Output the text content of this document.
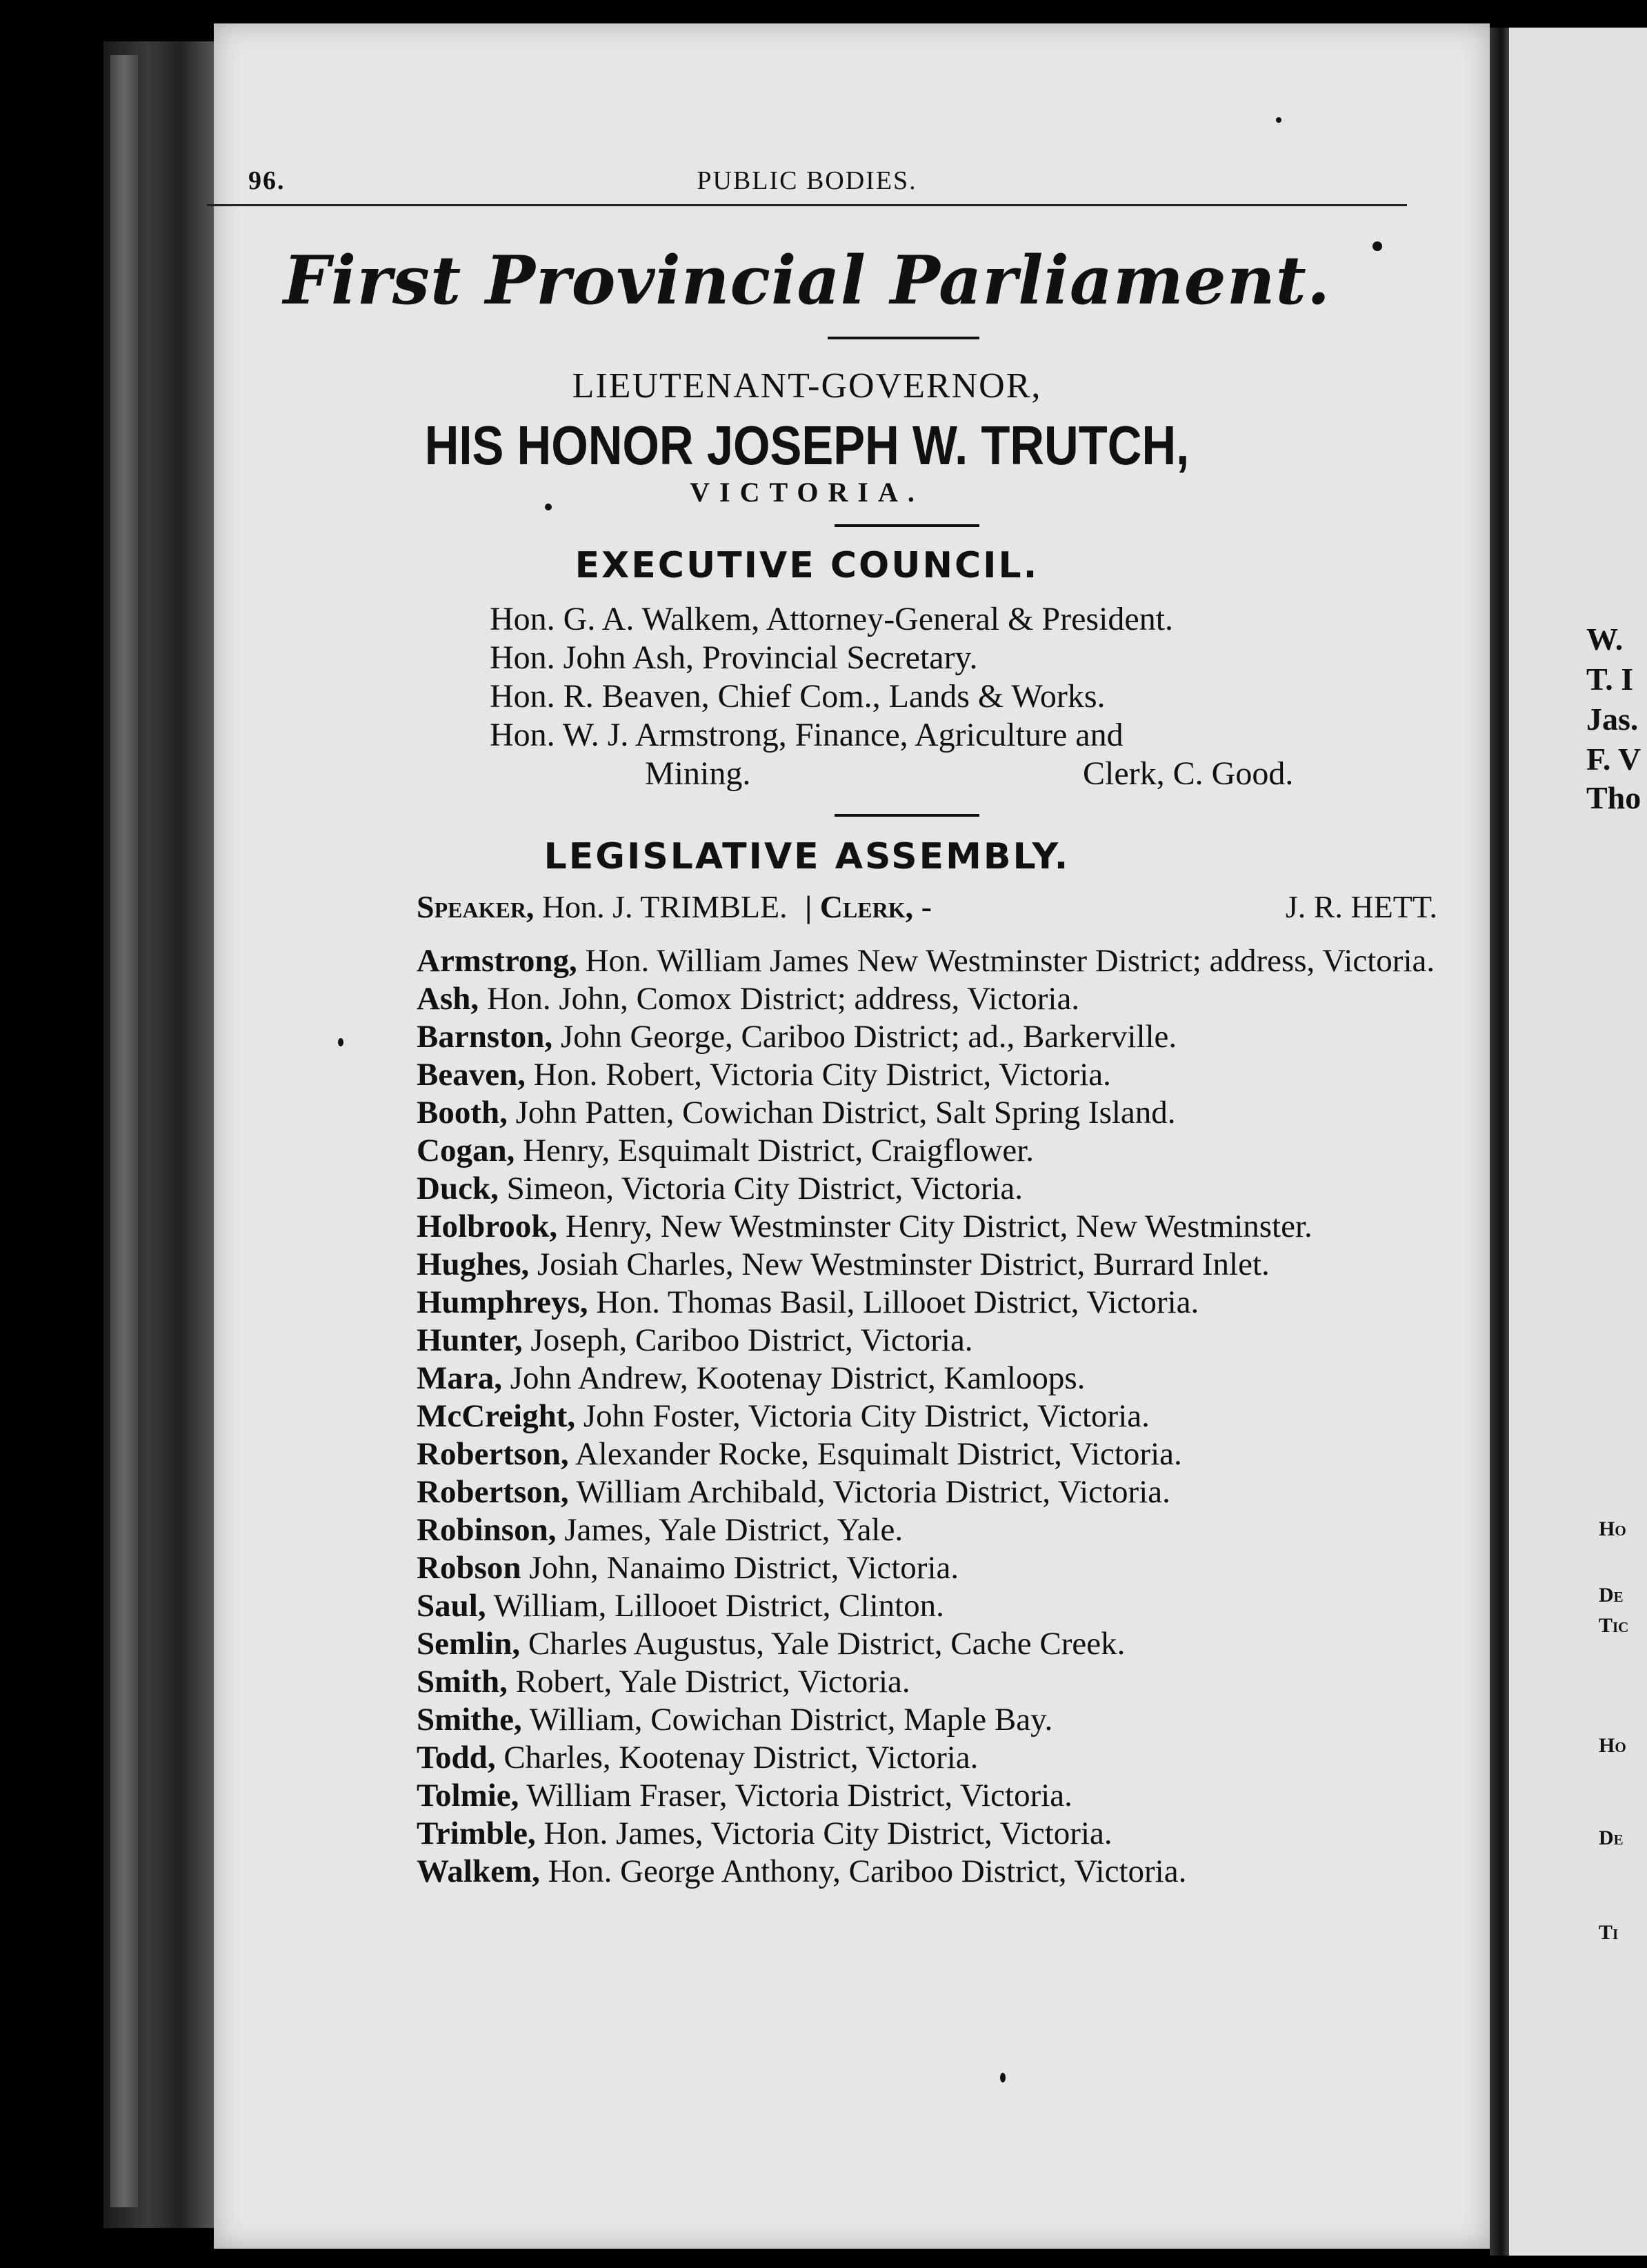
96.	PUBLIC BODIES.
First Provincial Parliament.
LIEUTENANT-GOVERNOR,
HIS HONOR JOSEPH W. TRUTCH,
VICTORIA.
EXECUTIVE COUNCIL.
Hon. G. A. Walkem, Attorney-General & President.
Hon. John Ash, Provincial Secretary.
Hon. R. Beaven, Chief Com., Lands & Works.
Hon. W. J. Armstrong, Finance, Agriculture and
Mining.	Clerk, C. Good.
LEGISLATIVE ASSEMBLY.
Speaker, Hon. J. TRIMBLE. | Clerk, -	J. R. HETT.
Armstrong, Hon. William James New Westminster District; address, Victoria.
Ash, Hon. John, Comox District; address, Victoria.
Barnston, John George, Cariboo District; ad., Barkerville.
Beaven, Hon. Robert, Victoria City District, Victoria.
Booth, John Patten, Cowichan District, Salt Spring Island.
Cogan, Henry, Esquimalt District, Craigflower.
Duck, Simeon, Victoria City District, Victoria.
Holbrook, Henry, New Westminster City District, New Westminster.
Hughes, Josiah Charles, New Westminster District, Burrard Inlet.
Humphreys, Hon. Thomas Basil, Lillooet District, Victoria.
Hunter, Joseph, Cariboo District, Victoria.
Mara, John Andrew, Kootenay District, Kamloops.
McCreight, John Foster, Victoria City District, Victoria.
Robertson, Alexander Rocke, Esquimalt District, Victoria.
Robertson, William Archibald, Victoria District, Victoria.
Robinson, James, Yale District, Yale.
Robson John, Nanaimo District, Victoria.
Saul, William, Lillooet District, Clinton.
Semlin, Charles Augustus, Yale District, Cache Creek.
Smith, Robert, Yale District, Victoria.
Smithe, William, Cowichan District, Maple Bay.
Todd, Charles, Kootenay District, Victoria.
Tolmie, William Fraser, Victoria District, Victoria.
Trimble, Hon. James, Victoria City District, Victoria.
Walkem, Hon. George Anthony, Cariboo District, Victoria.
W.
T. I
Jas.
F. V
Tho
Ho
De
Tic
Ho
De
Ti
